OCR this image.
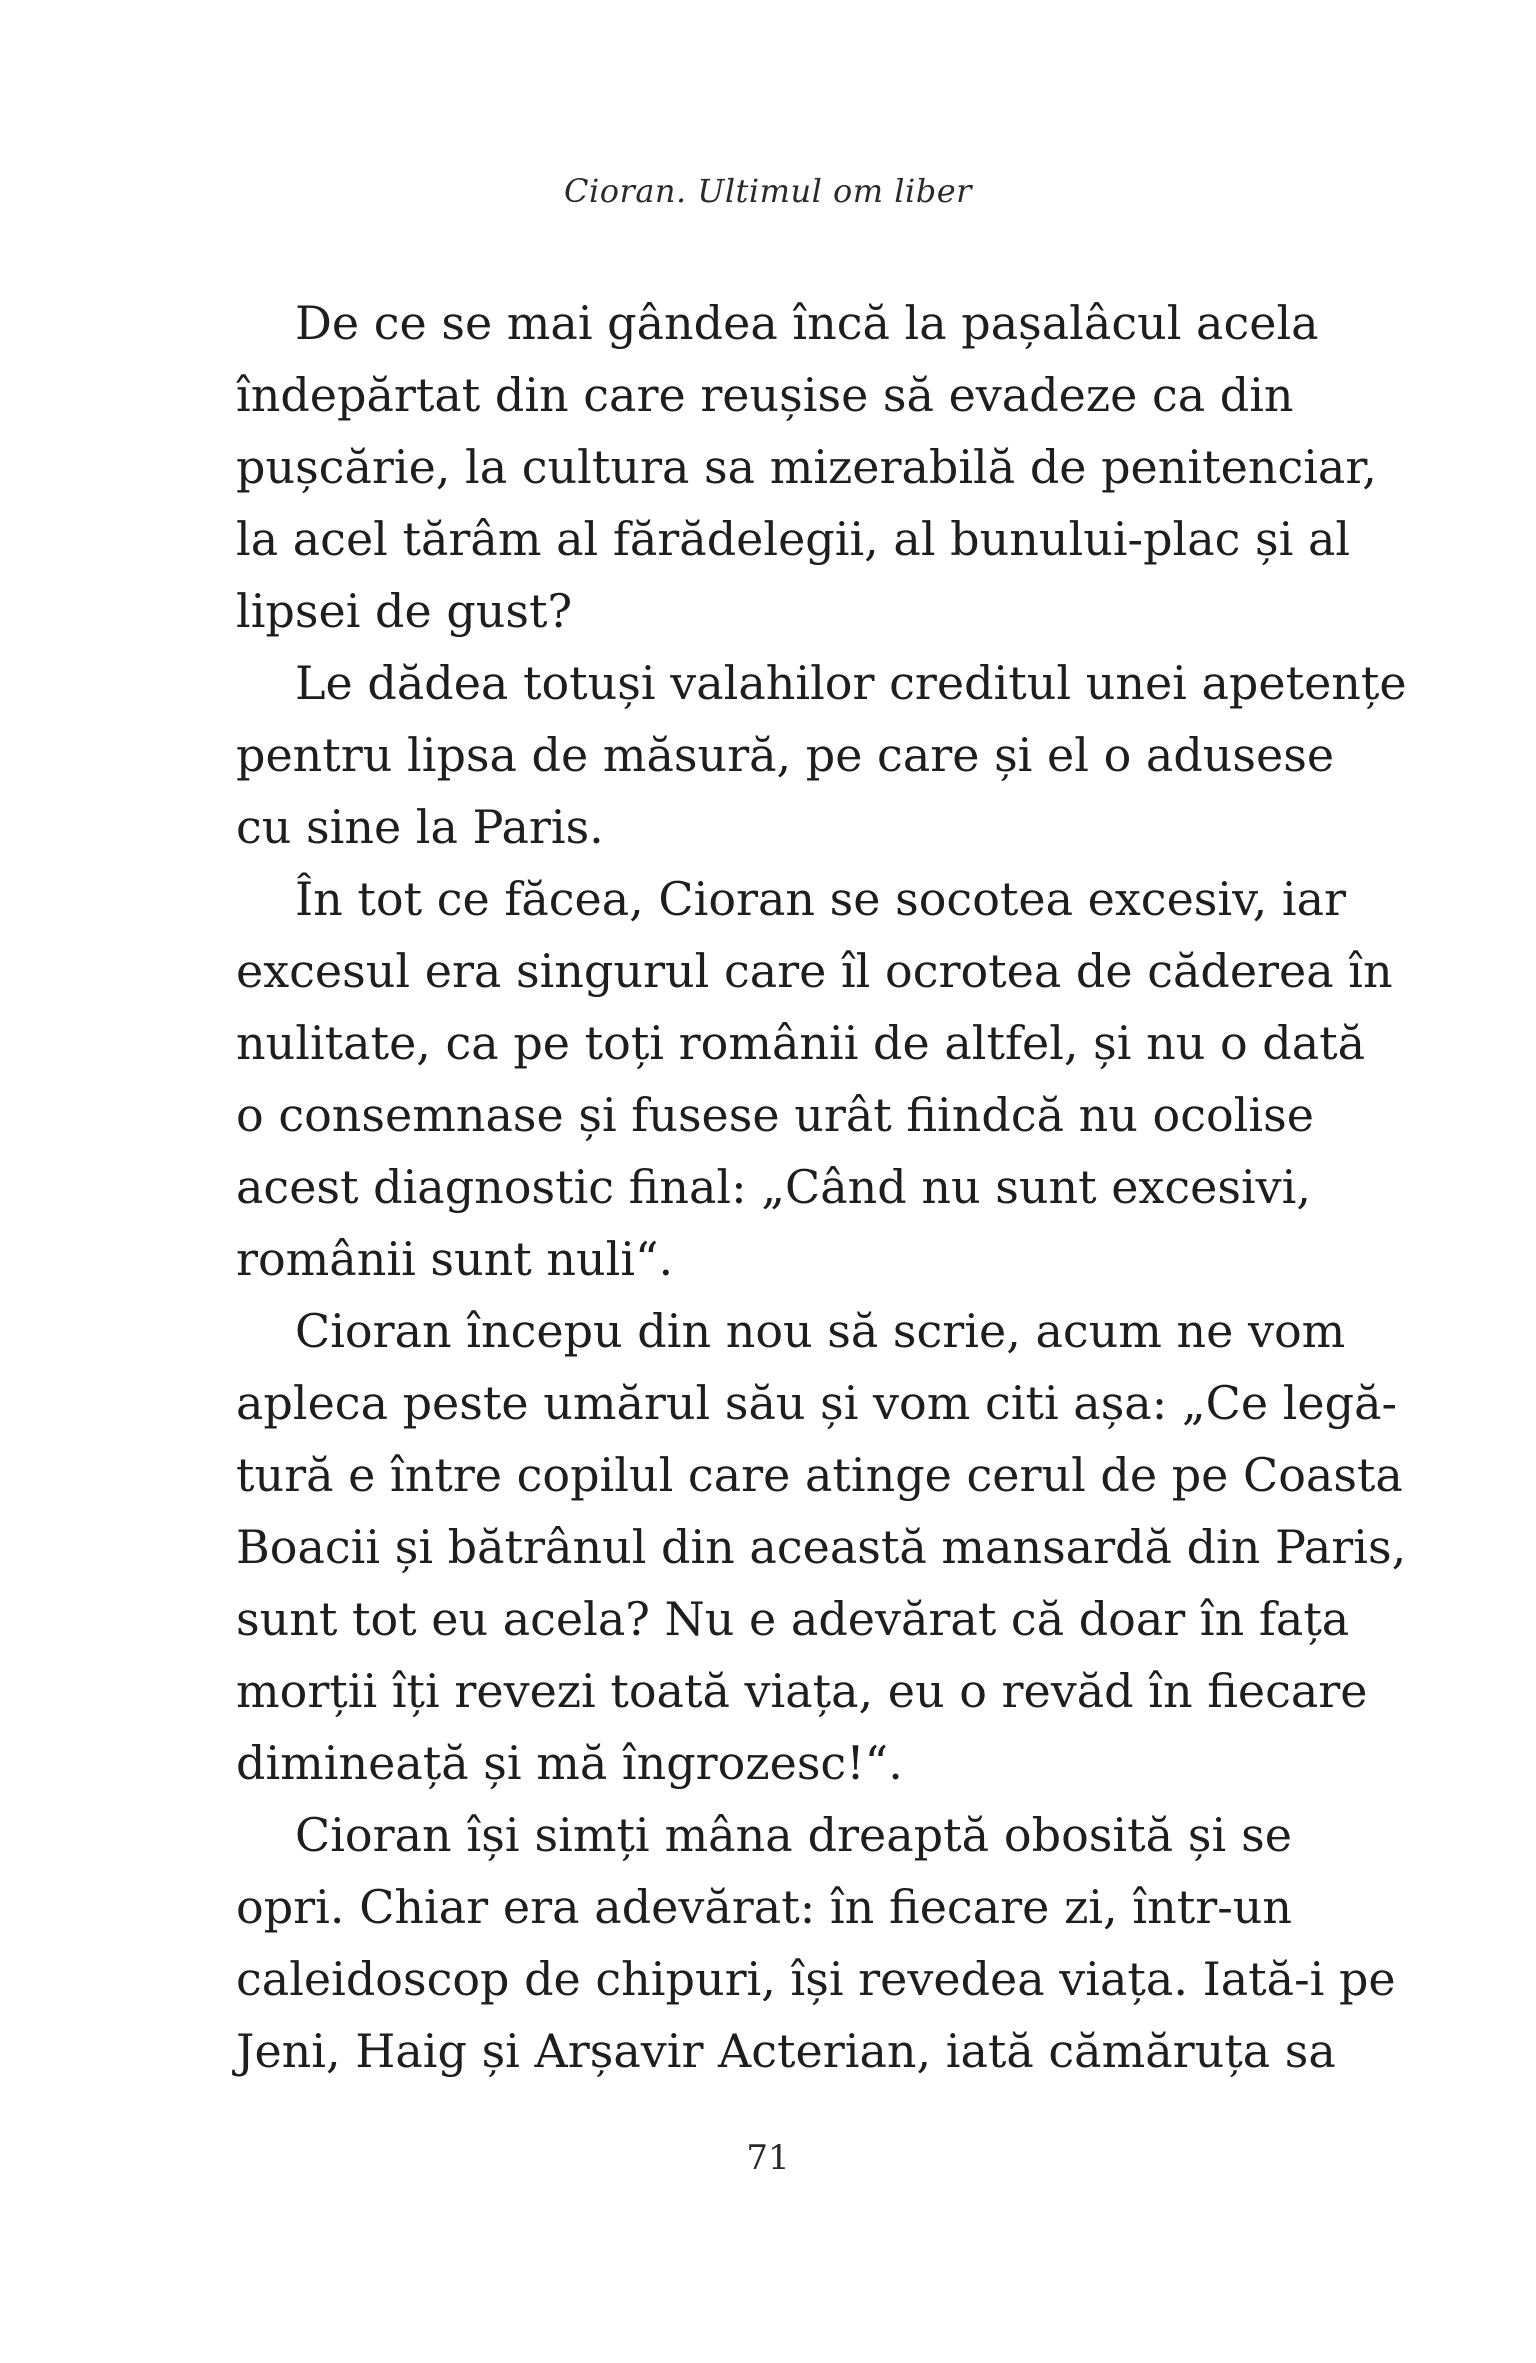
Cioran. Ultimul om liber
De ce se mai gândea încă la pașalâcul acela
îndepărtat din care reușise să evadeze ca din
pușcărie, la cultura sa mizerabilă de penitenciar,
la acel tărâm al fărădelegii, al bunului-plac și al
lipsei de gust?
Le dădea totuși valahilor creditul unei apetențe
pentru lipsa de măsură, pe care și el o adusese
cu sine la Paris.
În tot ce făcea, Cioran se socotea excesiv, iar
excesul era singurul care îl ocrotea de căderea în
nulitate, ca pe toți românii de altfel, și nu o dată
o consemnase și fusese urât fiindcă nu ocolise
acest diagnostic final: „Când nu sunt excesivi,
românii sunt nuli“.
Cioran începu din nou să scrie, acum ne vom
apleca peste umărul său și vom citi așa: „Ce legă-
tură e între copilul care atinge cerul de pe Coasta
Boacii și bătrânul din această mansardă din Paris,
sunt tot eu acela? Nu e adevărat că doar în fața
morții îți revezi toată viața, eu o revăd în fiecare
dimineață și mă îngrozesc!“.
Cioran își simți mâna dreaptă obosită și se
opri. Chiar era adevărat: în fiecare zi, într-un
caleidoscop de chipuri, își revedea viața. Iată-i pe
Jeni, Haig și Arșavir Acterian, iată cămăruța sa
71
